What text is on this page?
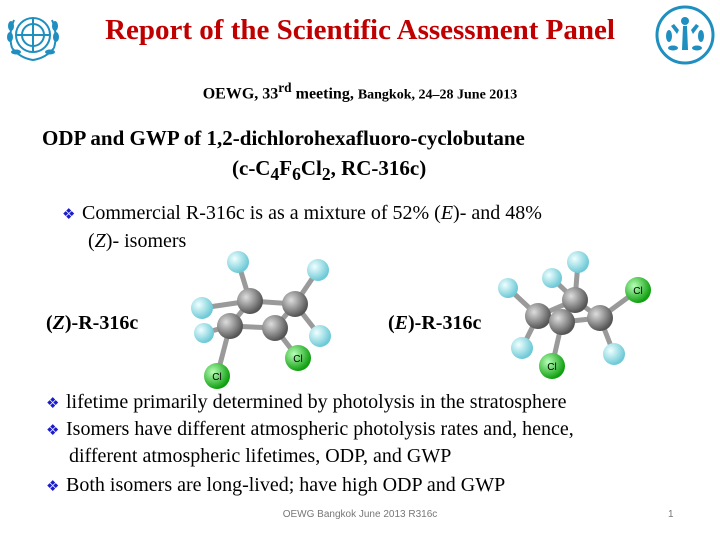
Report of the Scientific Assessment Panel
OEWG, 33rd meeting, Bangkok, 24–28 June 2013
ODP and GWP of 1,2-dichlorohexafluoro-cyclobutane
($c-C_4F_6Cl_2$, RC-316c)
❖ Commercial R-316c is as a mixture of 52% (E)- and 48%
(Z)- isomers
(Z)-R-316c	(E)-R-316c
Cl
Cl
Cl
Cl
❖ lifetime primarily determined by photolysis in the stratosphere
❖ Isomers have different atmospheric photolysis rates and, hence,
different atmospheric lifetimes, ODP, and GWP
❖ Both isomers are long-lived; have high ODP and GWP
OEWG Bangkok June 2013 R316c	1
